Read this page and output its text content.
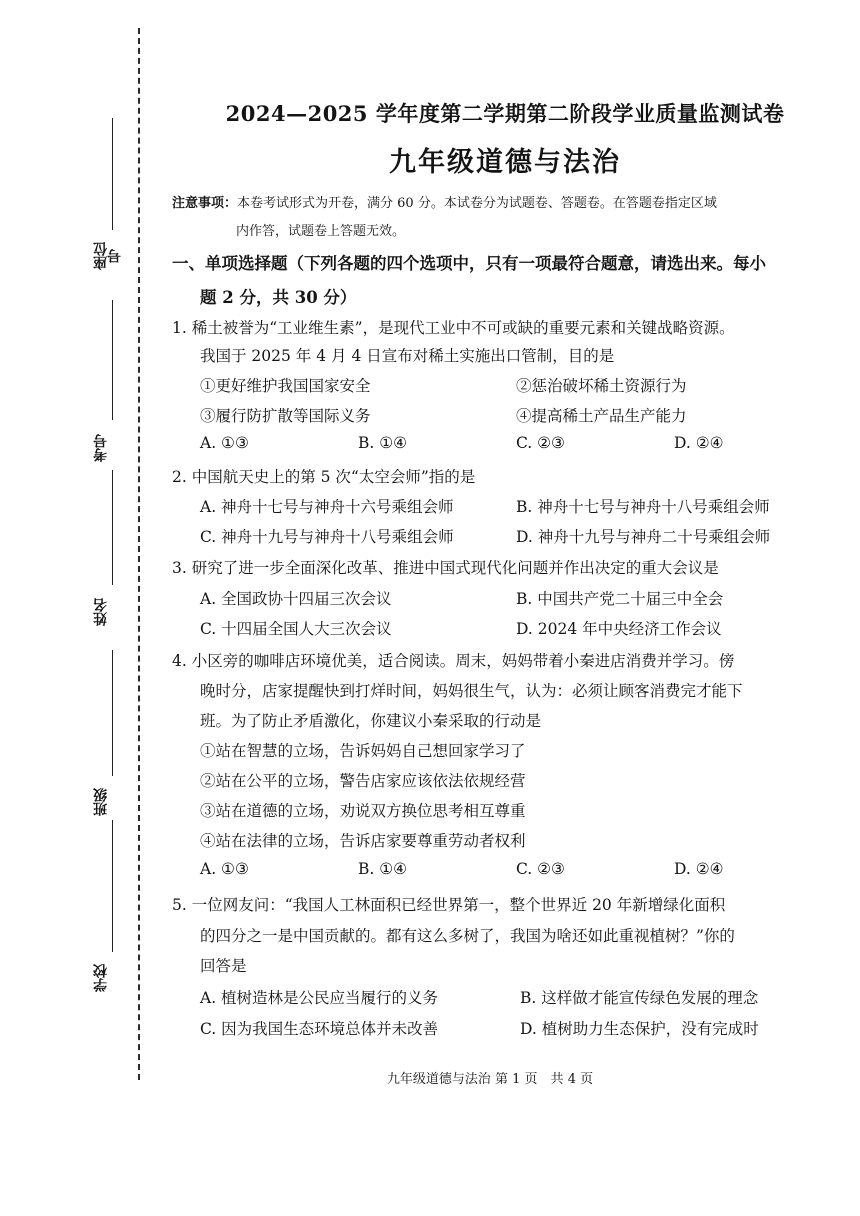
座位号
考号
姓名
班级
学校
2024—2025 学年度第二学期第二阶段学业质量监测试卷
九年级道德与法治
注意事项：本卷考试形式为开卷，满分 60 分。本试卷分为试题卷、答题卷。在答题卷指定区域
内作答，试题卷上答题无效。
一、单项选择题（下列各题的四个选项中，只有一项最符合题意，请选出来。每小
题 2 分，共 30 分）
1. 稀土被誉为“工业维生素”，是现代工业中不可或缺的重要元素和关键战略资源。
我国于 2025 年 4 月 4 日宣布对稀土实施出口管制，目的是
①更好维护我国国家安全	②惩治破坏稀土资源行为
③履行防扩散等国际义务	④提高稀土产品生产能力
A. ①③	B. ①④	C. ②③	D. ②④
2. 中国航天史上的第 5 次“太空会师”指的是
A. 神舟十七号与神舟十六号乘组会师	B. 神舟十七号与神舟十八号乘组会师
C. 神舟十九号与神舟十八号乘组会师	D. 神舟十九号与神舟二十号乘组会师
3. 研究了进一步全面深化改革、推进中国式现代化问题并作出决定的重大会议是
A. 全国政协十四届三次会议	B. 中国共产党二十届三中全会
C. 十四届全国人大三次会议	D. 2024 年中央经济工作会议
4. 小区旁的咖啡店环境优美，适合阅读。周末，妈妈带着小秦进店消费并学习。傍
晚时分，店家提醒快到打烊时间，妈妈很生气，认为：必须让顾客消费完才能下
班。为了防止矛盾激化，你建议小秦采取的行动是
①站在智慧的立场，告诉妈妈自己想回家学习了
②站在公平的立场，警告店家应该依法依规经营
③站在道德的立场，劝说双方换位思考相互尊重
④站在法律的立场，告诉店家要尊重劳动者权利
A. ①③	B. ①④	C. ②③	D. ②④
5. 一位网友问：“我国人工林面积已经世界第一，整个世界近 20 年新增绿化面积
的四分之一是中国贡献的。都有这么多树了，我国为啥还如此重视植树？”你的
回答是
A. 植树造林是公民应当履行的义务	B. 这样做才能宣传绿色发展的理念
C. 因为我国生态环境总体并未改善	D. 植树助力生态保护，没有完成时
九年级道德与法治 第 1 页　共 4 页
